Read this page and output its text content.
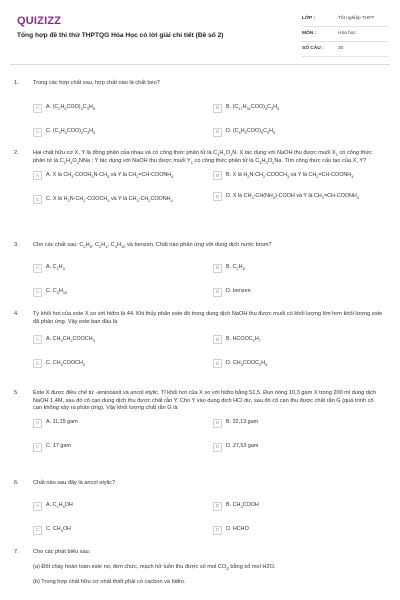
QUIZIZZ
Tổng hợp đề thi thử THPTQG Hóa Học có lời giải chi tiết (Đề số 2)
LỚP :	Tốt nghiệp THPT
MÔN :	Hóa học
SỐ CÂU :	30
1.	Trong các hợp chất sau, hợp chất nào là chất béo?
A	A. $(C_2H_5COO)_3C_3H_5$	B	B. $(C_{17}H_{31}COO)_3C_3H_5$
C	C. $(C_2H_5COO)_2C_3H_5$	D	D. $(C_6H_5COO)_3C_3H_5$
2.	Hai chất hữu cơ X, Y là đồng phân của nhau và có công thức phân tử là $C_3H_7O_2N$. X tác dụng với NaOH thu được muối $X_1$ có công thức phân tử là $C_2H_4O_2NNa$ ; Y tác dụng với NaOH thu được muối $Y_1$ có công thức phân tử là $C_3H_3O_2Na$. Tìm công thức cấu tạo của X, Y?
A	A. X là $CH_3-COOH_3N-CH_3$ và Y là $CH_2=CH-COONH_4$	B	B. X là $H_2N-CH_2-COOCH_3$ và Y là $CH_2=CH-COONH_4$
C	C. X là $H_2N-CH_2-COOCH_3$ và Y là $CH_3-CH_2COONH_4$
D	D. X là $CH_3-CH(NH_2)$-COOH và Y là $CH_2=CH-COONH_4$
3.	Cho các chất sau: $C_2H_6$, $C_2H_4$, $C_4H_{10}$ và benzen. Chất nào phản ứng với dung dịch nước brom?
A	A. $C_2H_4$	B	B. $C_2H_6$
C	C. $C_4H_{10}$	D	D. benzen
4.	Tỷ khối hơi của este X so với hiđro là 44. Khi thủy phân este đó trong dung dịch NaOH thu được muối có khối lượng lớn hơn khối lượng este đã phản ứng. Vậy este ban đầu là
A	A. $CH_3CH_2COOCH_3$	B	B. $HCOOC_3H_7$
C	C. $CH_3COOCH_3$	D	D. $CH_3COOC_2H_5$
5.	Este X được điều chế từ -aminoaxit và ancol etylic. Tỉ khối hơi của X so với hiđro bằng 51,5. Đun nóng 10,3 gam X trong 200 ml dung dịch NaOH 1,4M, sau đó cô cạn dung dịch thu được chất rắn Y. Cho Y vào dung dịch HCl dư, sau đó cô cạn thu được chất rắn G (quá trình cô cạn không xảy ra phản ứng). Vậy khối lượng chất rắn G là
A	A. 11,15 gam	B	B. 32,13 gam
C	C. 17 gam	D	D. 27,53 gam
6.	Chất nào sau đây là ancol etylic?
A	A. $C_2H_5OH$	B	B. $CH_3COOH$
C	C. $CH_3OH$	D	D. HCHO
7.	Cho các phát biểu sau:
(a) Đốt cháy hoàn toàn este no, đơn chức, mạch hở luôn thu được số mol $CO_2$ bằng số mol H2O.
(b) Trong hợp chất hữu cơ nhất thiết phải có cacbon và hiđro.
